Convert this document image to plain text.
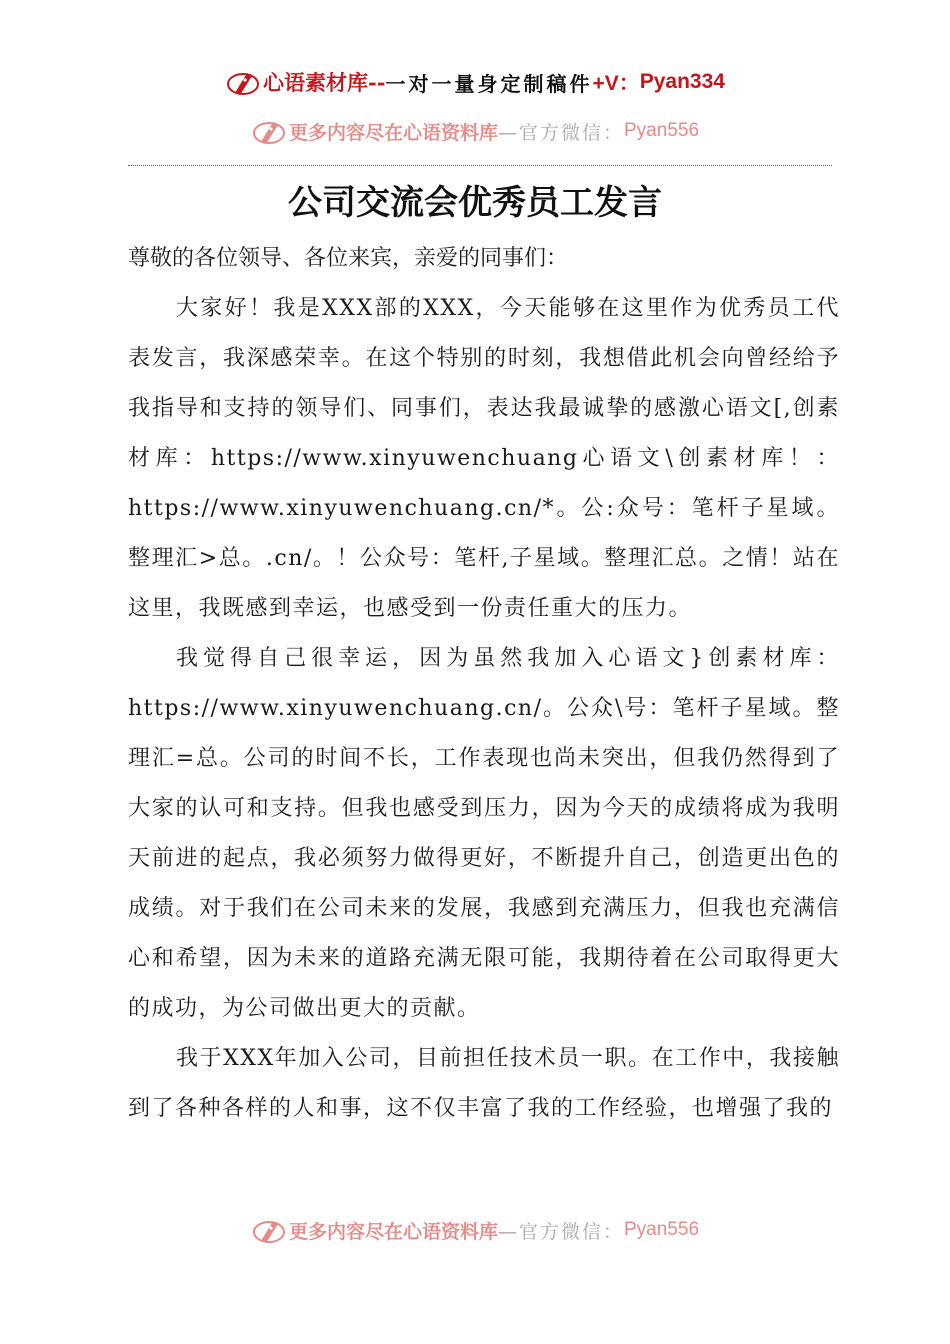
心语素材库 -- 一对一量身定制稿件 +V： Pyan334
更多内容尽在心语资料库 —官方微信： Pyan556
公司交流会优秀员工发言

尊敬的各位领导、各位来宾，亲爱的同事们：

大家好！我是XXX部的XXX，今天能够在这里作为优秀员工代表发言，我深感荣幸。在这个特别的时刻，我想借此机会向曾经给予我指导和支持的领导们、同事们，表达我最诚挚的感激心语文[,创素材库：https://www.xinyuwenchuang心语文\创素材库！：https://www.xinyuwenchuang.cn/*。公:众号：笔杆子星域。整理汇>总。.cn/。！公众号：笔杆,子星域。整理汇总。之情！站在这里，我既感到幸运，也感受到一份责任重大的压力。

我觉得自己很幸运，因为虽然我加入心语文}创素材库：https://www.xinyuwenchuang.cn/。公众\号：笔杆子星域。整理汇=总。公司的时间不长，工作表现也尚未突出，但我仍然得到了大家的认可和支持。但我也感受到压力，因为今天的成绩将成为我明天前进的起点，我必须努力做得更好，不断提升自己，创造更出色的成绩。对于我们在公司未来的发展，我感到充满压力，但我也充满信心和希望，因为未来的道路充满无限可能，我期待着在公司取得更大的成功，为公司做出更大的贡献。

我于XXX年加入公司，目前担任技术员一职。在工作中，我接触到了各种各样的人和事，这不仅丰富了我的工作经验，也增强了我的

更多内容尽在心语资料库 —官方微信： Pyan556
